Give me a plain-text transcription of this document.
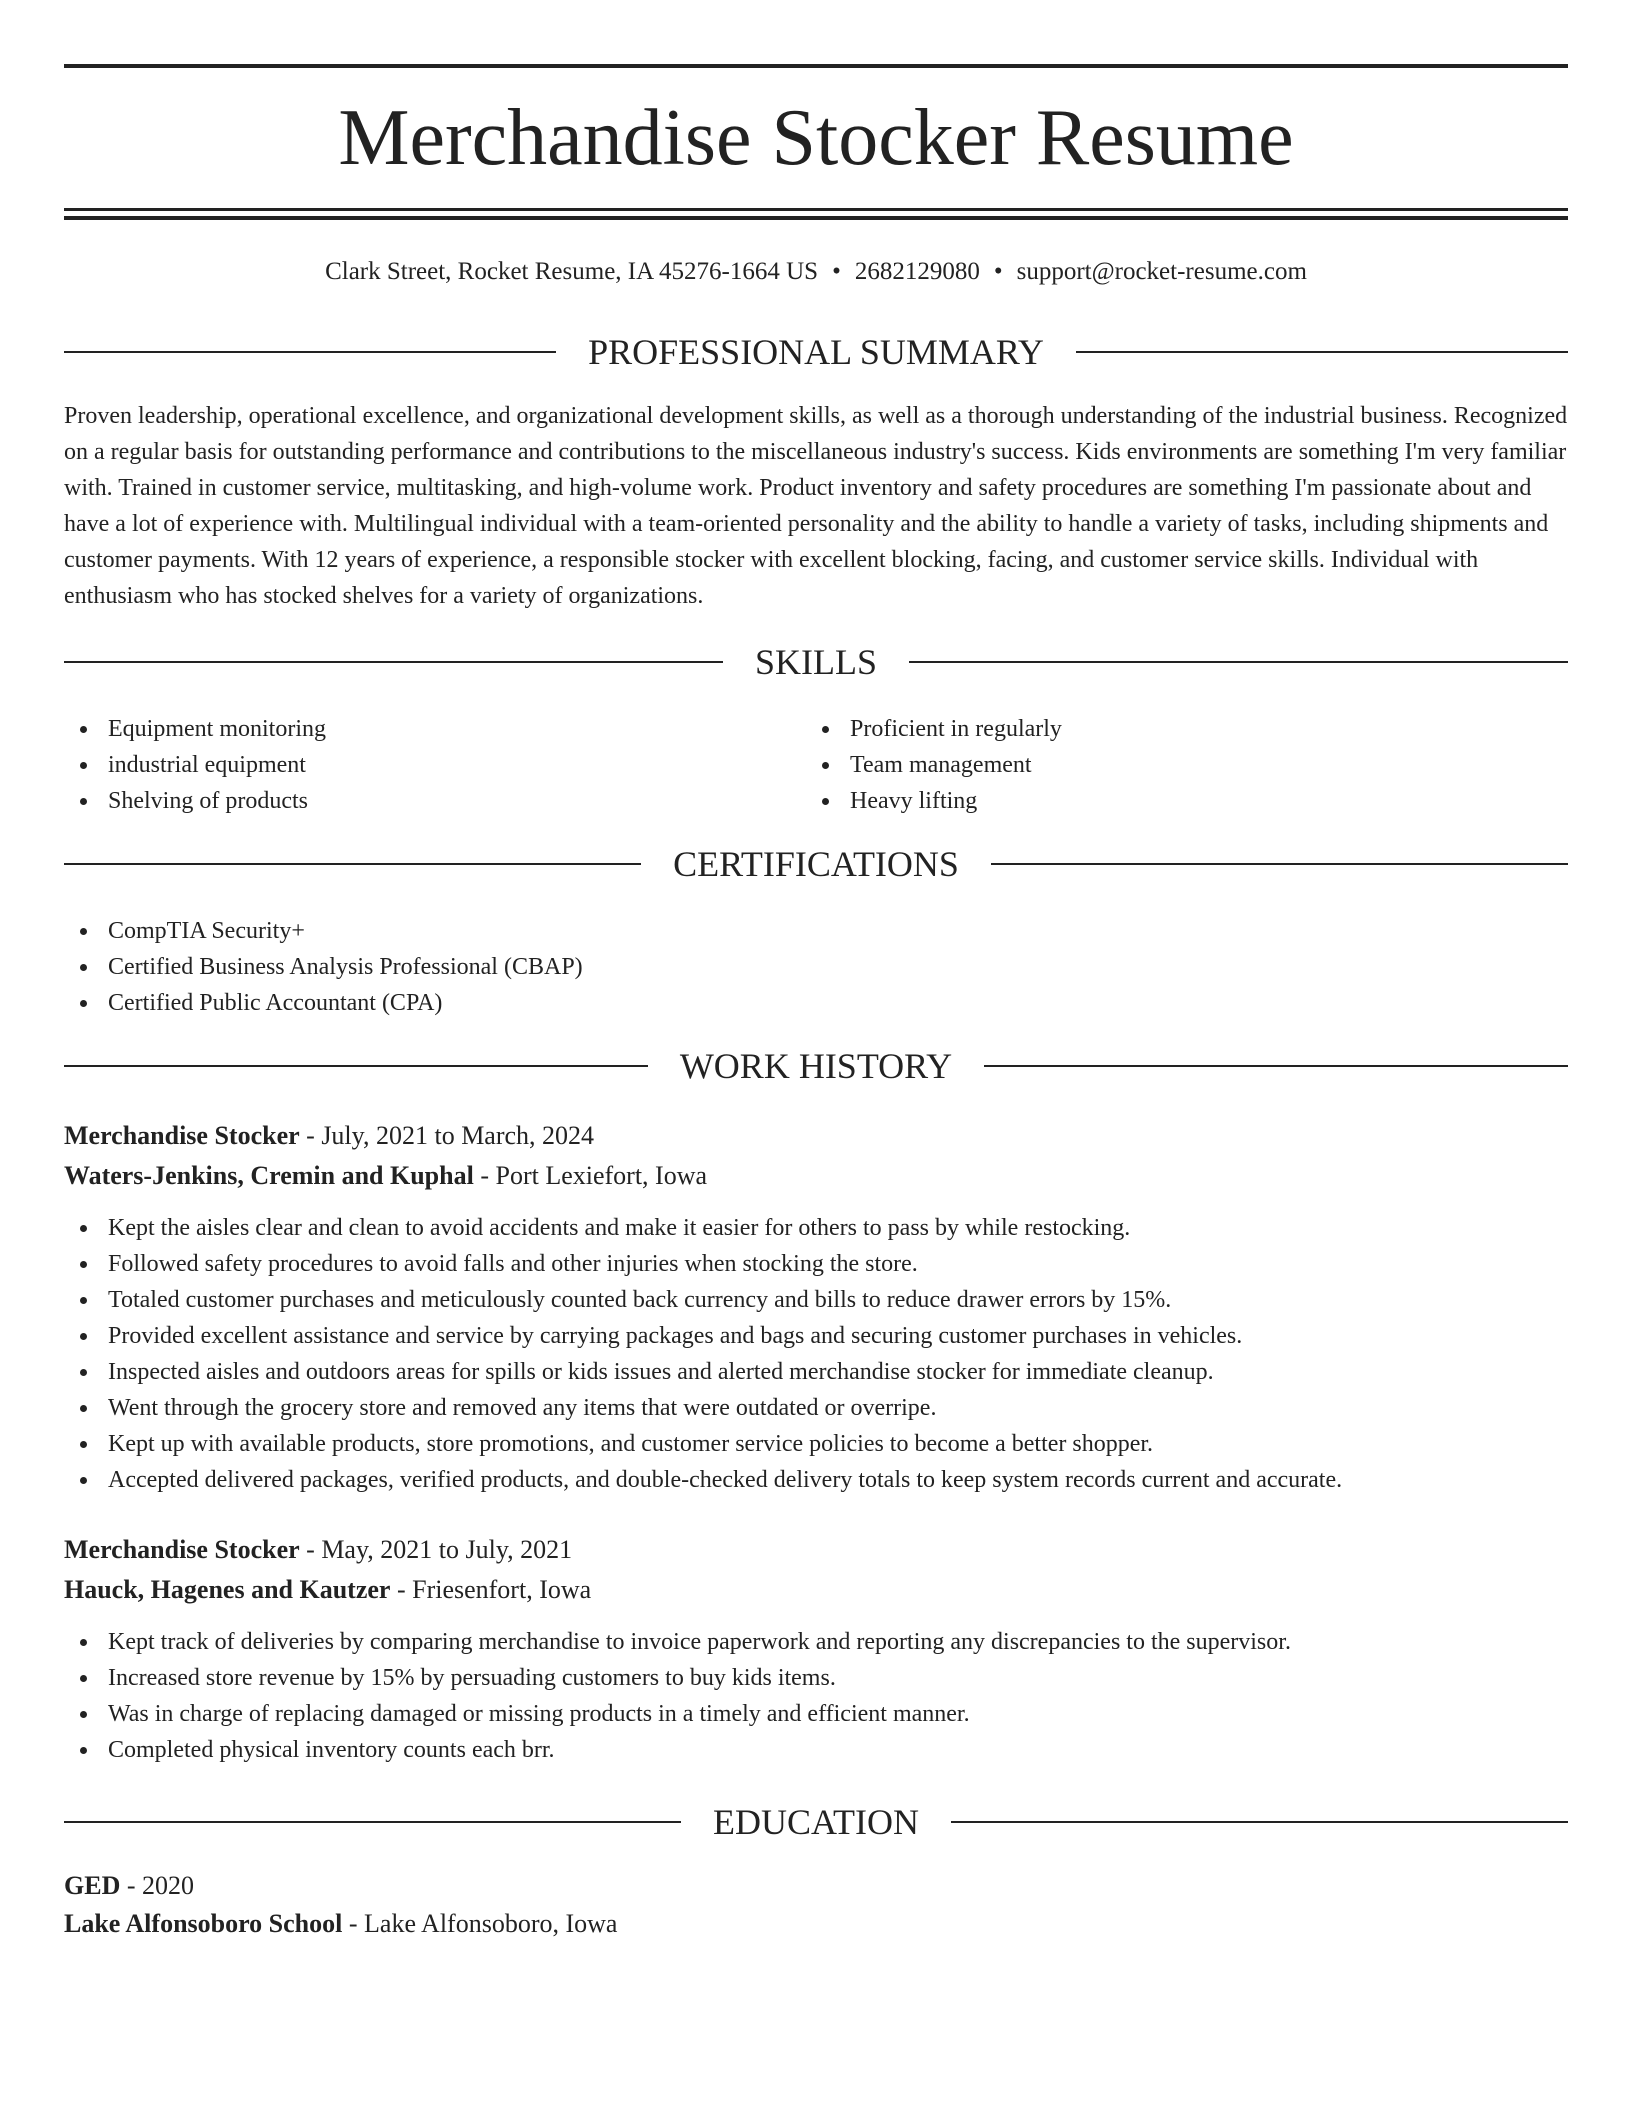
Merchandise Stocker Resume
Clark Street, Rocket Resume, IA 45276-1664 US • 2682129080 • support@rocket-resume.com
PROFESSIONAL SUMMARY

Proven leadership, operational excellence, and organizational development skills, as well as a thorough understanding of the industrial business. Recognized on a regular basis for outstanding performance and contributions to the miscellaneous industry's success. Kids environments are something I'm very familiar with. Trained in customer service, multitasking, and high-volume work. Product inventory and safety procedures are something I'm passionate about and have a lot of experience with. Multilingual individual with a team-oriented personality and the ability to handle a variety of tasks, including shipments and customer payments. With 12 years of experience, a responsible stocker with excellent blocking, facing, and customer service skills. Individual with enthusiasm who has stocked shelves for a variety of organizations.

SKILLS
Equipment monitoring
industrial equipment
Shelving of products
Proficient in regularly
Team management
Heavy lifting
CERTIFICATIONS
CompTIA Security+
Certified Business Analysis Professional (CBAP)
Certified Public Accountant (CPA)
WORK HISTORY
Merchandise Stocker - July, 2021 to March, 2024
Waters-Jenkins, Cremin and Kuphal - Port Lexiefort, Iowa
Kept the aisles clear and clean to avoid accidents and make it easier for others to pass by while restocking.
Followed safety procedures to avoid falls and other injuries when stocking the store.
Totaled customer purchases and meticulously counted back currency and bills to reduce drawer errors by 15%.
Provided excellent assistance and service by carrying packages and bags and securing customer purchases in vehicles.
Inspected aisles and outdoors areas for spills or kids issues and alerted merchandise stocker for immediate cleanup.
Went through the grocery store and removed any items that were outdated or overripe.
Kept up with available products, store promotions, and customer service policies to become a better shopper.
Accepted delivered packages, verified products, and double-checked delivery totals to keep system records current and accurate.
Merchandise Stocker - May, 2021 to July, 2021
Hauck, Hagenes and Kautzer - Friesenfort, Iowa
Kept track of deliveries by comparing merchandise to invoice paperwork and reporting any discrepancies to the supervisor.
Increased store revenue by 15% by persuading customers to buy kids items.
Was in charge of replacing damaged or missing products in a timely and efficient manner.
Completed physical inventory counts each brr.
EDUCATION
GED - 2020
Lake Alfonsoboro School - Lake Alfonsoboro, Iowa
